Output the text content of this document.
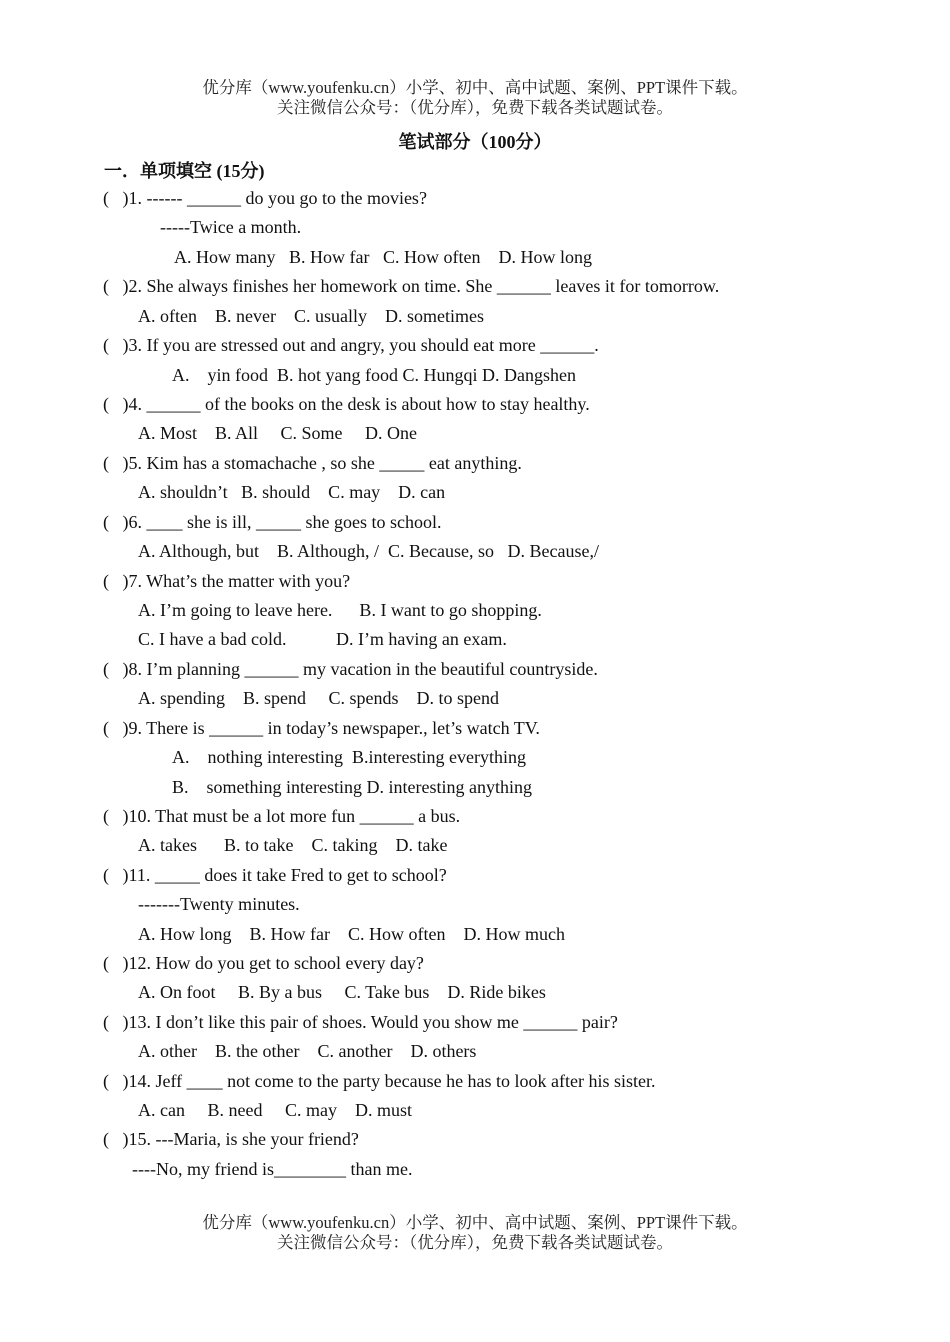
优分库（www.youfenku.cn）小学、初中、高中试题、案例、PPT课件下载。
关注微信公众号：（优分库），免费下载各类试题试卷。
笔试部分（100分）
一．单项填空 (15分)
(   )1. ------ ______ do you go to the movies?
-----Twice a month.
A. How many   B. How far   C. How often    D. How long
(   )2. She always finishes her homework on time. She ______ leaves it for tomorrow.
A. often    B. never    C. usually    D. sometimes
(   )3. If you are stressed out and angry, you should eat more ______.
A.    yin food  B. hot yang food C. Hungqi D. Dangshen
(   )4. ______ of the books on the desk is about how to stay healthy.
A. Most    B. All     C. Some     D. One
(   )5. Kim has a stomachache , so she _____ eat anything.
A. shouldn’t   B. should    C. may    D. can
(   )6. ____ she is ill, _____ she goes to school.
A. Although, but    B. Although, /  C. Because, so   D. Because,/
(   )7. What’s the matter with you?
A. I’m going to leave here.      B. I want to go shopping.
C. I have a bad cold.           D. I’m having an exam.
(   )8. I’m planning ______ my vacation in the beautiful countryside.
A. spending    B. spend     C. spends    D. to spend
(   )9. There is ______ in today’s newspaper., let’s watch TV.
A.    nothing interesting  B.interesting everything
B.    something interesting D. interesting anything
(   )10. That must be a lot more fun ______ a bus.
A. takes      B. to take    C. taking    D. take
(   )11. _____ does it take Fred to get to school?
-------Twenty minutes.
A. How long    B. How far    C. How often    D. How much
(   )12. How do you get to school every day?
A. On foot     B. By a bus     C. Take bus    D. Ride bikes
(   )13. I don’t like this pair of shoes. Would you show me ______ pair?
A. other    B. the other    C. another    D. others
(   )14. Jeff ____ not come to the party because he has to look after his sister.
A. can     B. need     C. may    D. must
(   )15. ---Maria, is she your friend?
----No, my friend is________ than me.
优分库（www.youfenku.cn）小学、初中、高中试题、案例、PPT课件下载。
关注微信公众号：（优分库），免费下载各类试题试卷。
